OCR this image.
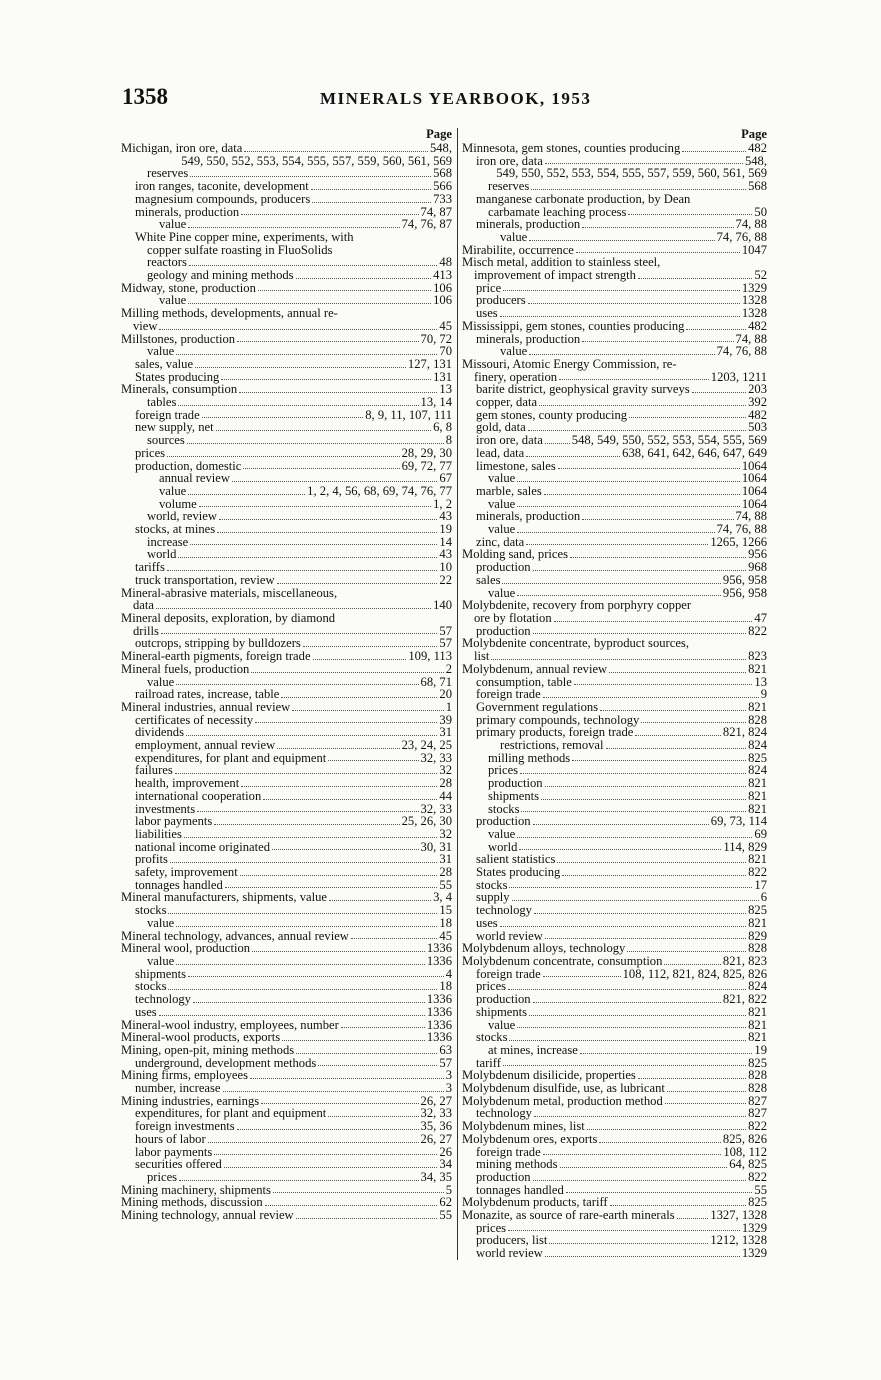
1358	MINERALS YEARBOOK, 1953
Page
Michigan, iron ore, data	548,
549, 550, 552, 553, 554, 555, 557, 559, 560, 561, 569
reserves	568
iron ranges, taconite, development	566
magnesium compounds, producers	733
minerals, production	74, 87
value	74, 76, 87
White Pine copper mine, experiments, with
copper sulfate roasting in FluoSolids
reactors	48
geology and mining methods	413
Midway, stone, production	106
value	106
Milling methods, developments, annual re-
view	45
Millstones, production	70, 72
value	70
sales, value	127, 131
States producing	131
Minerals, consumption	13
tables	13, 14
foreign trade	8, 9, 11, 107, 111
new supply, net	6, 8
sources	8
prices	28, 29, 30
production, domestic	69, 72, 77
annual review	67
value	1, 2, 4, 56, 68, 69, 74, 76, 77
volume	1, 2
world, review	43
stocks, at mines	19
increase	14
world	43
tariffs	10
truck transportation, review	22
Mineral-abrasive materials, miscellaneous,
data	140
Mineral deposits, exploration, by diamond
drills	57
outcrops, stripping by bulldozers	57
Mineral-earth pigments, foreign trade	109, 113
Mineral fuels, production	2
value	68, 71
railroad rates, increase, table	20
Mineral industries, annual review	1
certificates of necessity	39
dividends	31
employment, annual review	23, 24, 25
expenditures, for plant and equipment	32, 33
failures	32
health, improvement	28
international cooperation	44
investments	32, 33
labor payments	25, 26, 30
liabilities	32
national income originated	30, 31
profits	31
safety, improvement	28
tonnages handled	55
Mineral manufacturers, shipments, value	3, 4
stocks	15
value	18
Mineral technology, advances, annual review	45
Mineral wool, production	1336
value	1336
shipments	4
stocks	18
technology	1336
uses	1336
Mineral-wool industry, employees, number	1336
Mineral-wool products, exports	1336
Mining, open-pit, mining methods	63
underground, development methods	57
Mining firms, employees	3
number, increase	3
Mining industries, earnings	26, 27
expenditures, for plant and equipment	32, 33
foreign investments	35, 36
hours of labor	26, 27
labor payments	26
securities offered	34
prices	34, 35
Mining machinery, shipments	5
Mining methods, discussion	62
Mining technology, annual review	55
Page
Minnesota, gem stones, counties producing	482
iron ore, data	548,
549, 550, 552, 553, 554, 555, 557, 559, 560, 561, 569
reserves	568
manganese carbonate production, by Dean
carbamate leaching process	50
minerals, production	74, 88
value	74, 76, 88
Mirabilite, occurrence	1047
Misch metal, addition to stainless steel,
improvement of impact strength	52
price	1329
producers	1328
uses	1328
Mississippi, gem stones, counties producing	482
minerals, production	74, 88
value	74, 76, 88
Missouri, Atomic Energy Commission, re-
finery, operation	1203, 1211
barite district, geophysical gravity surveys	203
copper, data	392
gem stones, county producing	482
gold, data	503
iron ore, data 548, 549, 550, 552, 553, 554, 555, 569
lead, data	638, 641, 642, 646, 647, 649
limestone, sales	1064
value	1064
marble, sales	1064
value	1064
minerals, production	74, 88
value	74, 76, 88
zinc, data	1265, 1266
Molding sand, prices	956
production	968
sales	956, 958
value	956, 958
Molybdenite, recovery from porphyry copper
ore by flotation	47
production	822
Molybdenite concentrate, byproduct sources,
list	823
Molybdenum, annual review	821
consumption, table	13
foreign trade	9
Government regulations	821
primary compounds, technology	828
primary products, foreign trade	821, 824
restrictions, removal	824
milling methods	825
prices	824
production	821
shipments	821
stocks	821
production	69, 73, 114
value	69
world	114, 829
salient statistics	821
States producing	822
stocks	17
supply	6
technology	825
uses	821
world review	829
Molybdenum alloys, technology	828
Molybdenum concentrate, consumption	821, 823
foreign trade	108, 112, 821, 824, 825, 826
prices	824
production	821, 822
shipments	821
value	821
stocks	821
at mines, increase	19
tariff	825
Molybdenum disilicide, properties	828
Molybdenum disulfide, use, as lubricant	828
Molybdenum metal, production method	827
technology	827
Molybdenum mines, list	822
Molybdenum ores, exports	825, 826
foreign trade	108, 112
mining methods	64, 825
production	822
tonnages handled	55
Molybdenum products, tariff	825
Monazite, as source of rare-earth minerals	1327, 1328
prices	1329
producers, list	1212, 1328
world review	1329
